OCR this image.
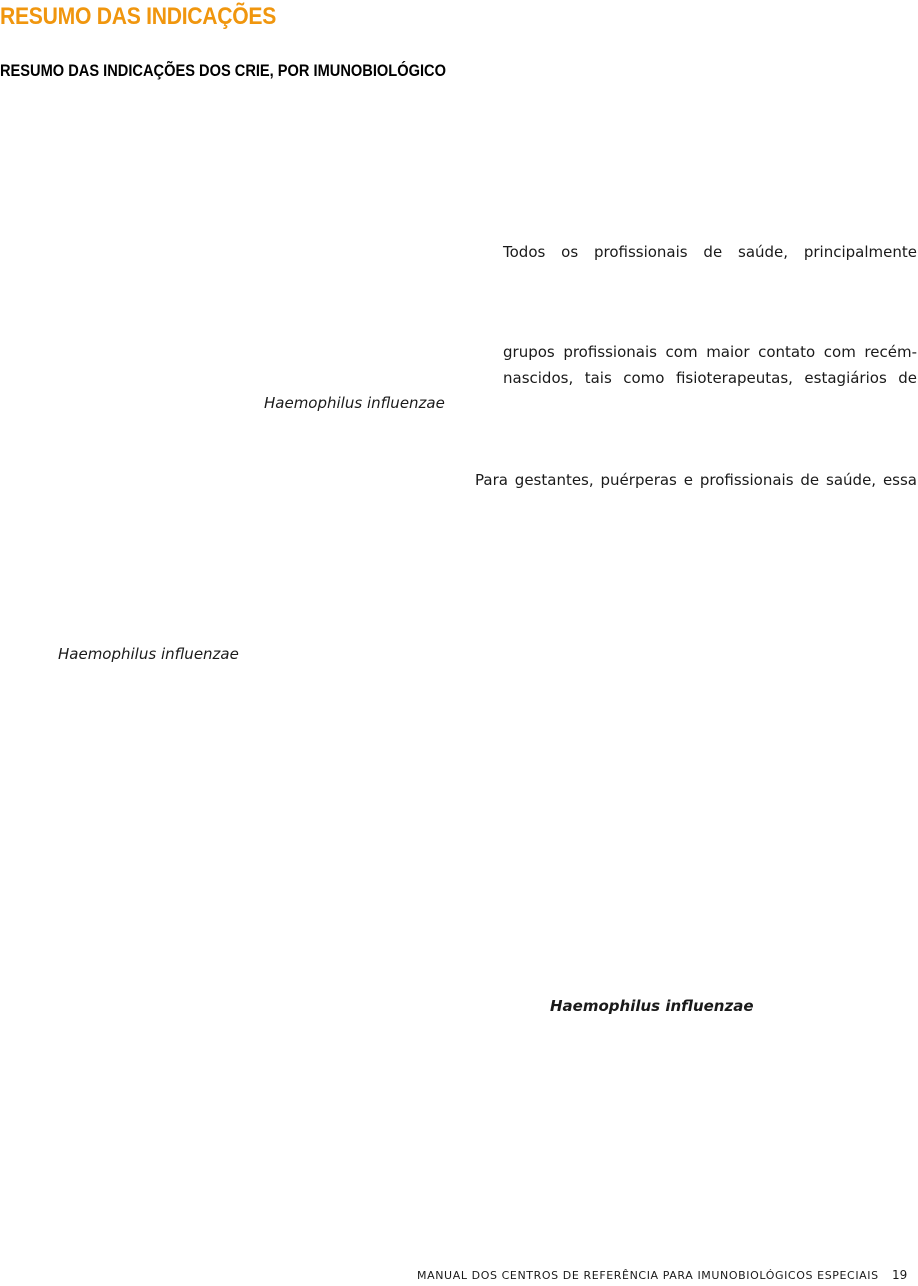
RESUMO DAS INDICAÇÕES
RESUMO DAS INDICAÇÕES DOS CRIE, POR IMUNOBIOLÓGICO
Todos os profissionais de saúde, principalmente
grupos profissionais com maior contato com recém-
nascidos, tais como fisioterapeutas, estagiários de
Haemophilus influenzae
Para gestantes, puérperas e profissionais de saúde, essa
Haemophilus influenzae
Haemophilus influenzae
MANUAL DOS CENTROS DE REFERÊNCIA PARA IMUNOBIOLÓGICOS ESPECIAIS 19
